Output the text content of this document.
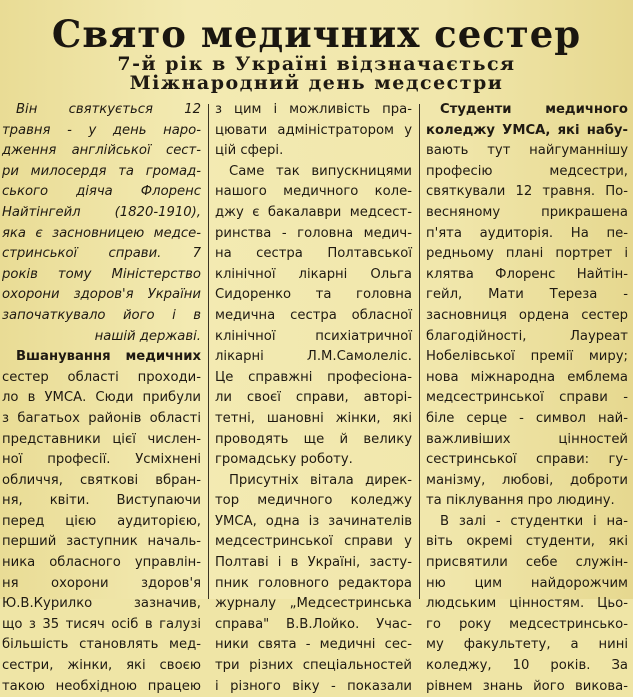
Свято медичних сестер
7-й рік в Україні відзначається
Міжнародний день медсестри
Він святкується 12
травня - у день наро-
дження англійської сест-
ри милосердя та громад-
ського діяча Флоренс
Найтінгейл (1820-1910),
яка є засновницею медсе-
стринської справи. 7
років тому Міністерство
охорони здоров'я України
започаткувало його і в
нашій державі.
Вшанування медичних
сестер області проходи-
ло в УМСА. Сюди прибули
з багатьох районів області
представники цієї числен-
ної професії. Усміхнені
обличчя, святкові вбран-
ня, квіти. Виступаючи
перед цією аудиторією,
перший заступник началь-
ника обласного управлін-
ня охорони здоров'я
Ю.В.Курилко зазначив,
що з 35 тисяч осіб в галузі
більшість становлять мед-
сестри, жінки, які своєю
такою необхідною працею
з цим і можливість пра-
цювати адміністратором у
цій сфері.
Саме так випускницями
нашого медичного коле-
джу є бакалаври медсест-
ринства - головна медич-
на сестра Полтавської
клінічної лікарні Ольга
Сидоренко та головна
медична сестра обласної
клінічної психіатричної
лікарні Л.М.Самолеліс.
Це справжні професіона-
ли своєї справи, авторі-
тетні, шановні жінки, які
проводять ще й велику
громадську роботу.
Присутніх вітала дирек-
тор медичного коледжу
УМСА, одна із зачинателів
медсестринської справи у
Полтаві і в Україні, засту-
пник головного редактора
журналу „Медсестринська
справа" В.В.Лойко. Учас-
ники свята - медичні сес-
три різних спеціальностей
і різного віку - показали
Студенти медичного
коледжу УМСА, які набу-
вають тут найгуманнішу
професію медсестри,
святкували 12 травня. По-
весняному прикрашена
п'ята аудиторія. На пе-
редньому плані портрет і
клятва Флоренс Найтін-
гейл, Мати Тереза -
засновниця ордена сестер
благодійності, Лауреат
Нобелівської премії миру;
нова міжнародна емблема
медсестринської справи -
біле серце - символ най-
важливіших цінностей
сестринської справи: гу-
манізму, любові, доброти
та піклування про людину.
В залі - студентки і на-
віть окремі студенти, які
присвятили себе служін-
ню цим найдорожчим
людським цінностям. Цьо-
го року медсестринсько-
му факультету, а нині
коледжу, 10 років. За
рівнем знань його викова-
